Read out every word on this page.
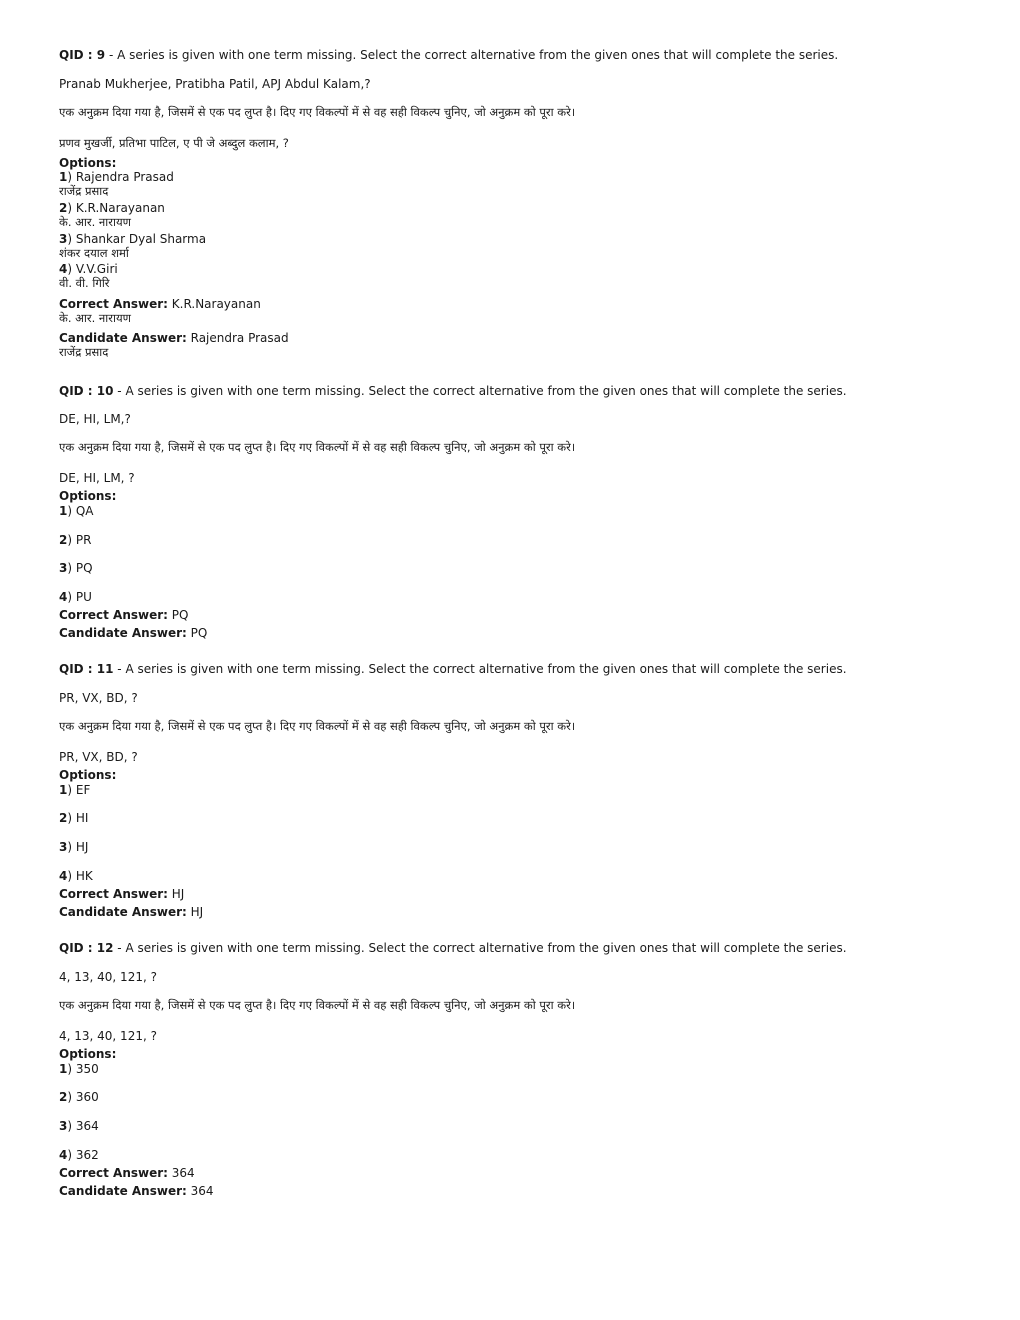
QID : 9 - A series is given with one term missing. Select the correct alternative from the given ones that will complete the series.
Pranab Mukherjee, Pratibha Patil, APJ Abdul Kalam,?
एक अनुक्रम दिया गया है, जिसमें से एक पद लुप्त है। दिए गए विकल्पों में से वह सही विकल्प चुनिए, जो अनुक्रम को पूरा करे।
प्रणव मुखर्जी, प्रतिभा पाटिल, ए पी जे अब्दुल कलाम, ?
Options:
1) Rajendra Prasad
राजेंद्र प्रसाद
2) K.R.Narayanan
के. आर. नारायण
3) Shankar Dyal Sharma
शंकर दयाल शर्मा
4) V.V.Giri
वी. वी. गिरि
Correct Answer: K.R.Narayanan
के. आर. नारायण
Candidate Answer: Rajendra Prasad
राजेंद्र प्रसाद
QID : 10 - A series is given with one term missing. Select the correct alternative from the given ones that will complete the series.
DE, HI, LM,?
एक अनुक्रम दिया गया है, जिसमें से एक पद लुप्त है। दिए गए विकल्पों में से वह सही विकल्प चुनिए, जो अनुक्रम को पूरा करे।
DE, HI, LM, ?
Options:
1) QA
2) PR
3) PQ
4) PU
Correct Answer: PQ
Candidate Answer: PQ
QID : 11 - A series is given with one term missing. Select the correct alternative from the given ones that will complete the series.
PR, VX, BD, ?
एक अनुक्रम दिया गया है, जिसमें से एक पद लुप्त है। दिए गए विकल्पों में से वह सही विकल्प चुनिए, जो अनुक्रम को पूरा करे।
PR, VX, BD, ?
Options:
1) EF
2) HI
3) HJ
4) HK
Correct Answer: HJ
Candidate Answer: HJ
QID : 12 - A series is given with one term missing. Select the correct alternative from the given ones that will complete the series.
4, 13, 40, 121, ?
एक अनुक्रम दिया गया है, जिसमें से एक पद लुप्त है। दिए गए विकल्पों में से वह सही विकल्प चुनिए, जो अनुक्रम को पूरा करे।
4, 13, 40, 121, ?
Options:
1) 350
2) 360
3) 364
4) 362
Correct Answer: 364
Candidate Answer: 364
